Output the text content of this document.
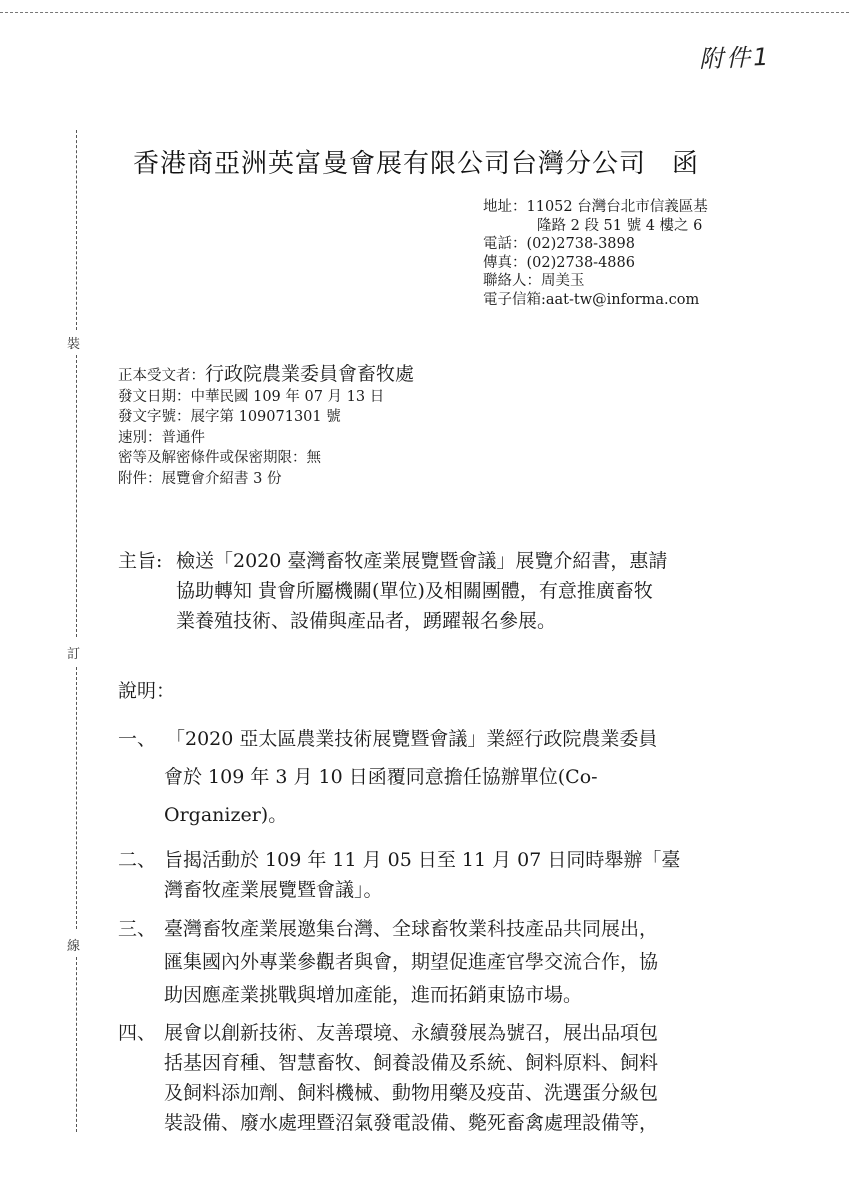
附件1
裝
訂
線
香港商亞洲英富曼會展有限公司台灣分公司 函
地址：11052 台灣台北市信義區基
隆路 2 段 51 號 4 樓之 6
電話：(02)2738-3898
傳真：(02)2738-4886
聯絡人：周美玉
電子信箱:aat-tw@informa.com
正本受文者：行政院農業委員會畜牧處
發文日期：中華民國 109 年 07 月 13 日
發文字號：展字第 109071301 號
速別：普通件
密等及解密條件或保密期限：無
附件：展覽會介紹書 3 份
主旨: 檢送「2020 臺灣畜牧產業展覽暨會議」展覽介紹書，惠請
協助轉知 貴會所屬機關(單位)及相關團體，有意推廣畜牧
業養殖技術、設備與產品者，踴躍報名參展。
說明：
一、 「2020 亞太區農業技術展覽暨會議」業經行政院農業委員
會於 109 年 3 月 10 日函覆同意擔任協辦單位(Co-
Organizer)。
二、 旨揭活動於 109 年 11 月 05 日至 11 月 07 日同時舉辦「臺
灣畜牧產業展覽暨會議」。
三、 臺灣畜牧產業展邀集台灣、全球畜牧業科技產品共同展出，
匯集國內外專業參觀者與會，期望促進產官學交流合作，協
助因應產業挑戰與增加產能，進而拓銷東協市場。
四、 展會以創新技術、友善環境、永續發展為號召，展出品項包
括基因育種、智慧畜牧、飼養設備及系統、飼料原料、飼料
及飼料添加劑、飼料機械、動物用藥及疫苗、洗選蛋分級包
裝設備、廢水處理暨沼氣發電設備、斃死畜禽處理設備等，
